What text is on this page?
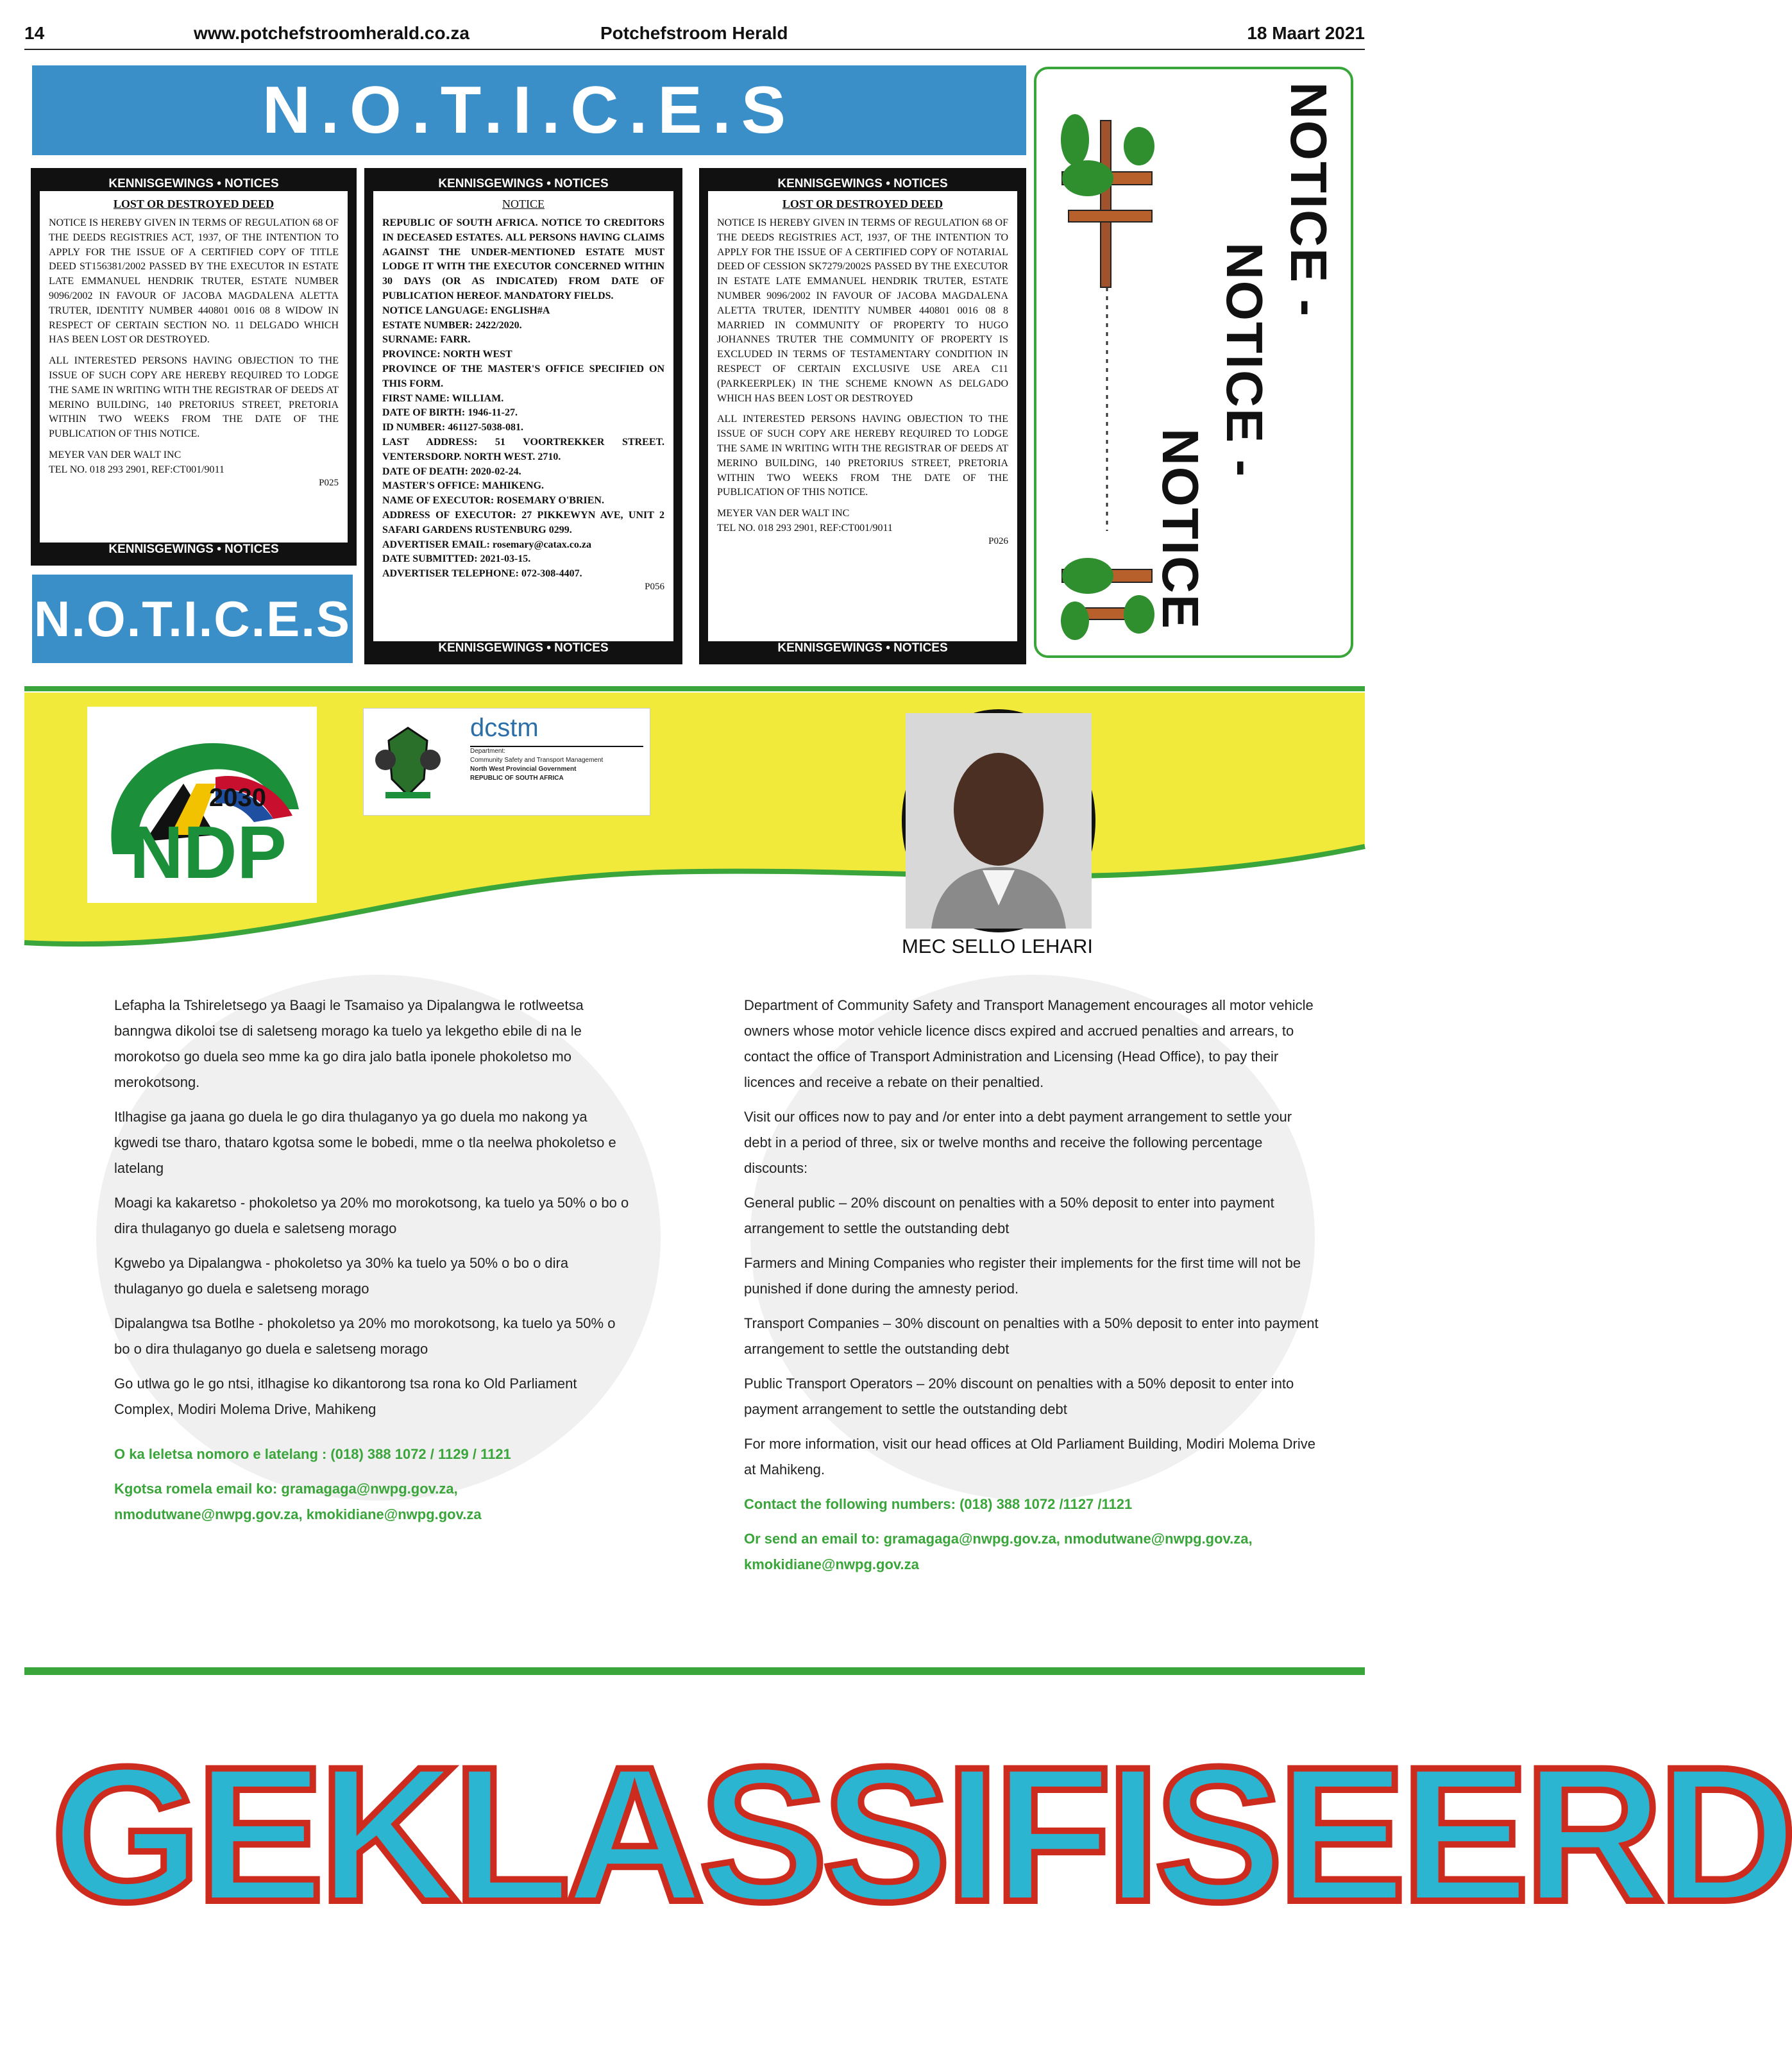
14	www.potchefstroomherald.co.za	Potchefstroom Herald	18 Maart 2021
N.O.T.I.C.E.S
KENNISGEWINGS • NOTICES
LOST OR DESTROYED DEED

NOTICE IS HEREBY GIVEN IN TERMS OF REGULATION 68 OF THE DEEDS REGISTRIES ACT, 1937, OF THE INTENTION TO APPLY FOR THE ISSUE OF A CERTIFIED COPY OF TITLE DEED ST156381/2002 PASSED BY THE EXECUTOR IN ESTATE LATE EMMANUEL HENDRIK TRUTER, ESTATE NUMBER 9096/2002 IN FAVOUR OF JACOBA MAGDALENA ALETTA TRUTER, IDENTITY NUMBER 440801 0016 08 8 WIDOW IN RESPECT OF CERTAIN SECTION NO. 11 DELGADO WHICH HAS BEEN LOST OR DESTROYED.

ALL INTERESTED PERSONS HAVING OBJECTION TO THE ISSUE OF SUCH COPY ARE HEREBY REQUIRED TO LODGE THE SAME IN WRITING WITH THE REGISTRAR OF DEEDS AT MERINO BUILDING, 140 PRETORIUS STREET, PRETORIA WITHIN TWO WEEKS FROM THE DATE OF THE PUBLICATION OF THIS NOTICE.

MEYER VAN DER WALT INC
TEL NO. 018 293 2901, REF:CT001/9011
P025
KENNISGEWINGS • NOTICES
N.O.T.I.C.E.S
KENNISGEWINGS • NOTICES
NOTICE
REPUBLIC OF SOUTH AFRICA. NOTICE TO CREDITORS IN DECEASED ESTATES. ALL PERSONS HAVING CLAIMS AGAINST THE UNDER-MENTIONED ESTATE MUST LODGE IT WITH THE EXECUTOR CONCERNED WITHIN 30 DAYS (OR AS INDICATED) FROM DATE OF PUBLICATION HEREOF. MANDATORY FIELDS.
NOTICE LANGUAGE: ENGLISH#A
ESTATE NUMBER: 2422/2020.
SURNAME: FARR.
PROVINCE: NORTH WEST
PROVINCE OF THE MASTER'S OFFICE SPECIFIED ON THIS FORM.
FIRST NAME: WILLIAM.
DATE OF BIRTH: 1946-11-27.
ID NUMBER: 461127-5038-081.
LAST ADDRESS: 51 VOORTREKKER STREET. VENTERSDORP. NORTH WEST. 2710.
DATE OF DEATH: 2020-02-24.
MASTER'S OFFICE: MAHIKENG.
NAME OF EXECUTOR: ROSEMARY O'BRIEN.
ADDRESS OF EXECUTOR: 27 PIKKEWYN AVE, UNIT 2 SAFARI GARDENS RUSTENBURG 0299.
ADVERTISER EMAIL: rosemary@catax.co.za
DATE SUBMITTED: 2021-03-15.
ADVERTISER TELEPHONE: 072-308-4407.
P056
KENNISGEWINGS • NOTICES
KENNISGEWINGS • NOTICES
LOST OR DESTROYED DEED

NOTICE IS HEREBY GIVEN IN TERMS OF REGULATION 68 OF THE DEEDS REGISTRIES ACT, 1937, OF THE INTENTION TO APPLY FOR THE ISSUE OF A CERTIFIED COPY OF NOTARIAL DEED OF CESSION SK7279/2002S PASSED BY THE EXECUTOR IN ESTATE LATE EMMANUEL HENDRIK TRUTER, ESTATE NUMBER 9096/2002 IN FAVOUR OF JACOBA MAGDALENA ALETTA TRUTER, IDENTITY NUMBER 440801 0016 08 8 MARRIED IN COMMUNITY OF PROPERTY TO HUGO JOHANNES TRUTER THE COMMUNITY OF PROPERTY IS EXCLUDED IN TERMS OF TESTAMENTARY CONDITION IN RESPECT OF CERTAIN EXCLUSIVE USE AREA C11 (PARKEERPLEK) IN THE SCHEME KNOWN AS DELGADO WHICH HAS BEEN LOST OR DESTROYED

ALL INTERESTED PERSONS HAVING OBJECTION TO THE ISSUE OF SUCH COPY ARE HEREBY REQUIRED TO LODGE THE SAME IN WRITING WITH THE REGISTRAR OF DEEDS AT MERINO BUILDING, 140 PRETORIUS STREET, PRETORIA WITHIN TWO WEEKS FROM THE DATE OF THE PUBLICATION OF THIS NOTICE.

MEYER VAN DER WALT INC
TEL NO. 018 293 2901, REF:CT001/9011
P026
KENNISGEWINGS • NOTICES
NOTICE -
NOTICE -
NOTICE
2030
NDP
dcstm
Department:
Community Safety and Transport Management
North West Provincial Government
REPUBLIC OF SOUTH AFRICA
MEC SELLO LEHARI

Lefapha la Tshireletsego ya Baagi le Tsamaiso ya Dipalangwa le rotlweetsa banngwa dikoloi tse di saletseng morago ka tuelo ya lekgetho ebile di na le morokotso go duela seo mme ka go dira jalo batla iponele phokoletso mo merokotsong.

Itlhagise ga jaana go duela le go dira thulaganyo ya go duela mo nakong ya kgwedi tse tharo, thataro kgotsa some le bobedi, mme o tla neelwa phokoletso e latelang

Moagi ka kakaretso - phokoletso ya 20% mo morokotsong, ka tuelo ya 50% o bo o dira thulaganyo go duela e saletseng morago

Kgwebo ya Dipalangwa - phokoletso ya 30% ka tuelo ya 50% o bo o dira thulaganyo go duela e saletseng morago

Dipalangwa tsa Botlhe - phokoletso ya 20% mo morokotsong, ka tuelo ya 50% o bo o dira thulaganyo go duela e saletseng morago

Go utlwa go le go ntsi, itlhagise ko dikantorong tsa rona ko Old Parliament Complex, Modiri Molema Drive, Mahikeng

O ka leletsa nomoro e latelang : (018) 388 1072 / 1129 / 1121

Kgotsa romela email ko: gramagaga@nwpg.gov.za, nmodutwane@nwpg.gov.za, kmokidiane@nwpg.gov.za

Department of Community Safety and Transport Management encourages all motor vehicle owners whose motor vehicle licence discs expired and accrued penalties and arrears, to contact the office of Transport Administration and Licensing (Head Office), to pay their licences and receive a rebate on their penaltied.

Visit our offices now to pay and /or enter into a debt payment arrangement to settle your debt in a period of three, six or twelve months and receive the following percentage discounts:

General public – 20% discount on penalties with a 50% deposit to enter into payment arrangement to settle the outstanding debt

Farmers and Mining Companies who register their implements for the first time will not be punished if done during the amnesty period.

Transport Companies – 30% discount on penalties with a 50% deposit to enter into payment arrangement to settle the outstanding debt

Public Transport Operators – 20% discount on penalties with a 50% deposit to enter into payment arrangement to settle the outstanding debt

For more information, visit our head offices at Old Parliament Building, Modiri Molema Drive at Mahikeng.

Contact the following numbers: (018) 388 1072 /1127 /1121

Or send an email to: gramagaga@nwpg.gov.za, nmodutwane@nwpg.gov.za, kmokidiane@nwpg.gov.za

GEKLASSIFISEERD
